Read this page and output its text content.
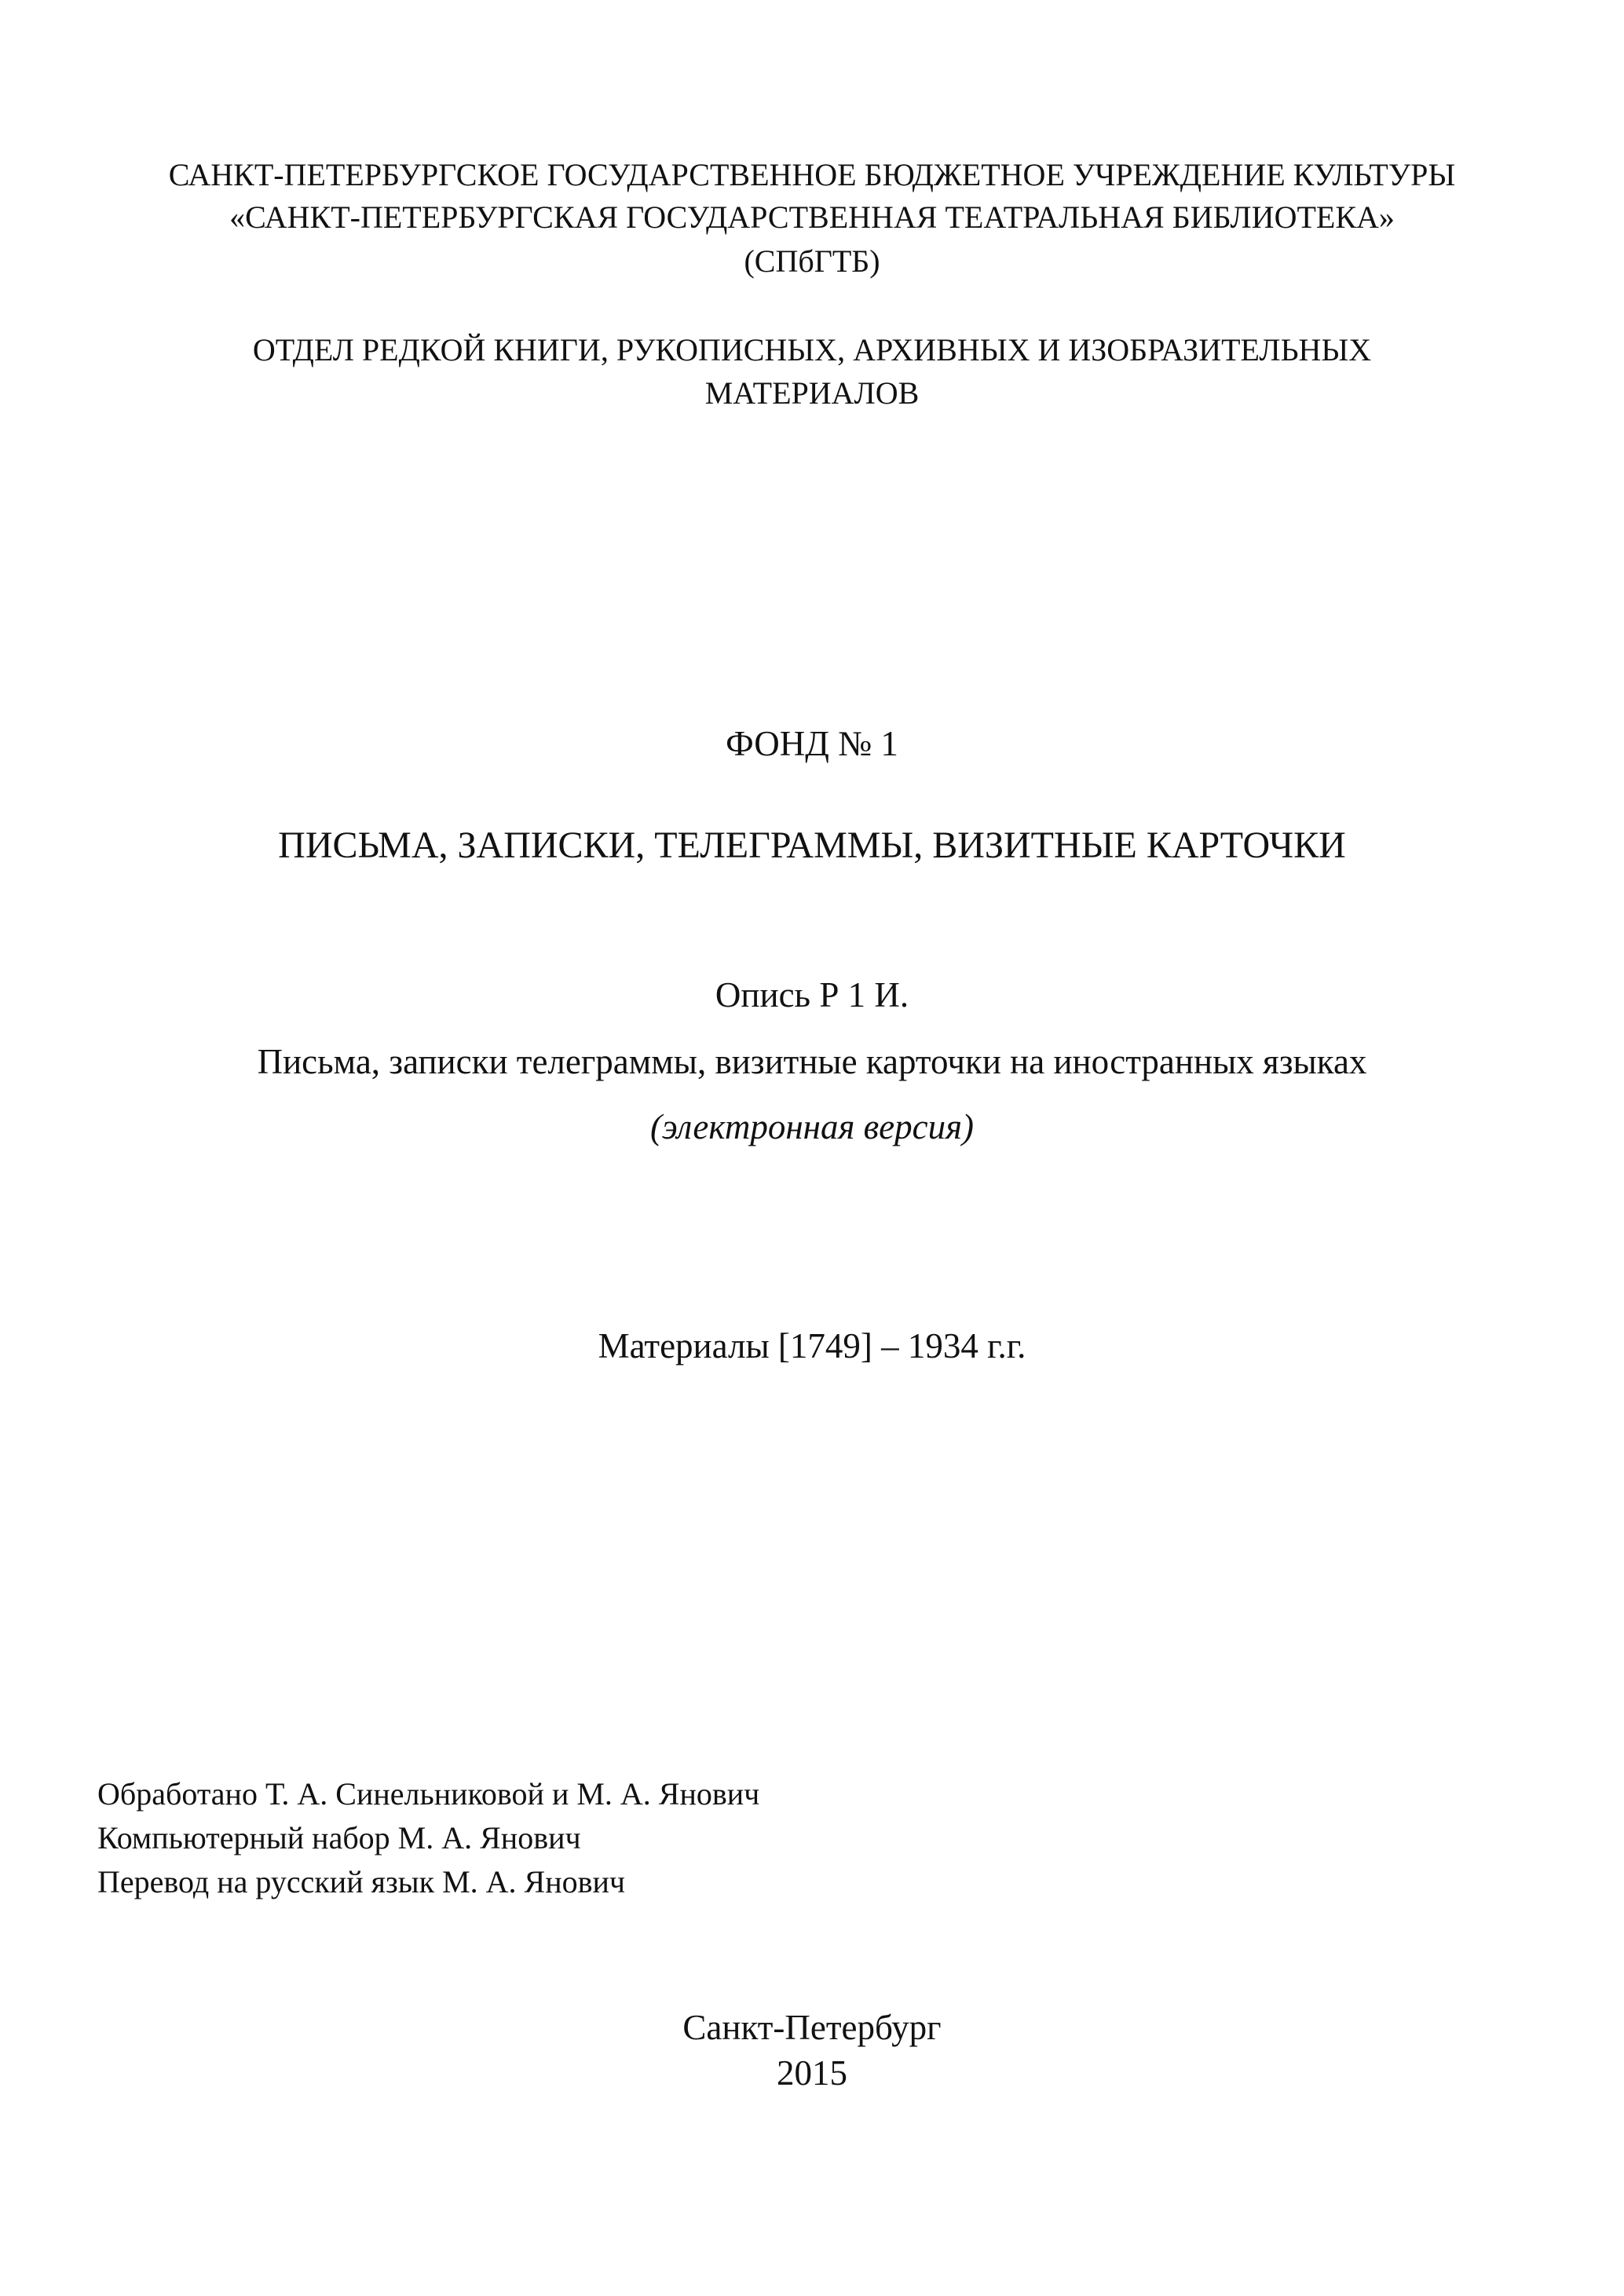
САНКТ-ПЕТЕРБУРГСКОЕ ГОСУДАРСТВЕННОЕ БЮДЖЕТНОЕ УЧРЕЖДЕНИЕ КУЛЬТУРЫ
«САНКТ-ПЕТЕРБУРГСКАЯ ГОСУДАРСТВЕННАЯ ТЕАТРАЛЬНАЯ БИБЛИОТЕКА»
(СПбГТБ)
ОТДЕЛ РЕДКОЙ КНИГИ, РУКОПИСНЫХ, АРХИВНЫХ И ИЗОБРАЗИТЕЛЬНЫХ
МАТЕРИАЛОВ
ФОНД № 1
ПИСЬМА, ЗАПИСКИ, ТЕЛЕГРАММЫ, ВИЗИТНЫЕ КАРТОЧКИ
Опись Р 1 И.
Письма, записки телеграммы, визитные карточки на иностранных языках
(электронная версия)
Материалы [1749] – 1934 г.г.
Обработано Т. А. Синельниковой и М. А. Янович
Компьютерный набор М. А. Янович
Перевод на русский язык М. А. Янович
Санкт-Петербург
2015
